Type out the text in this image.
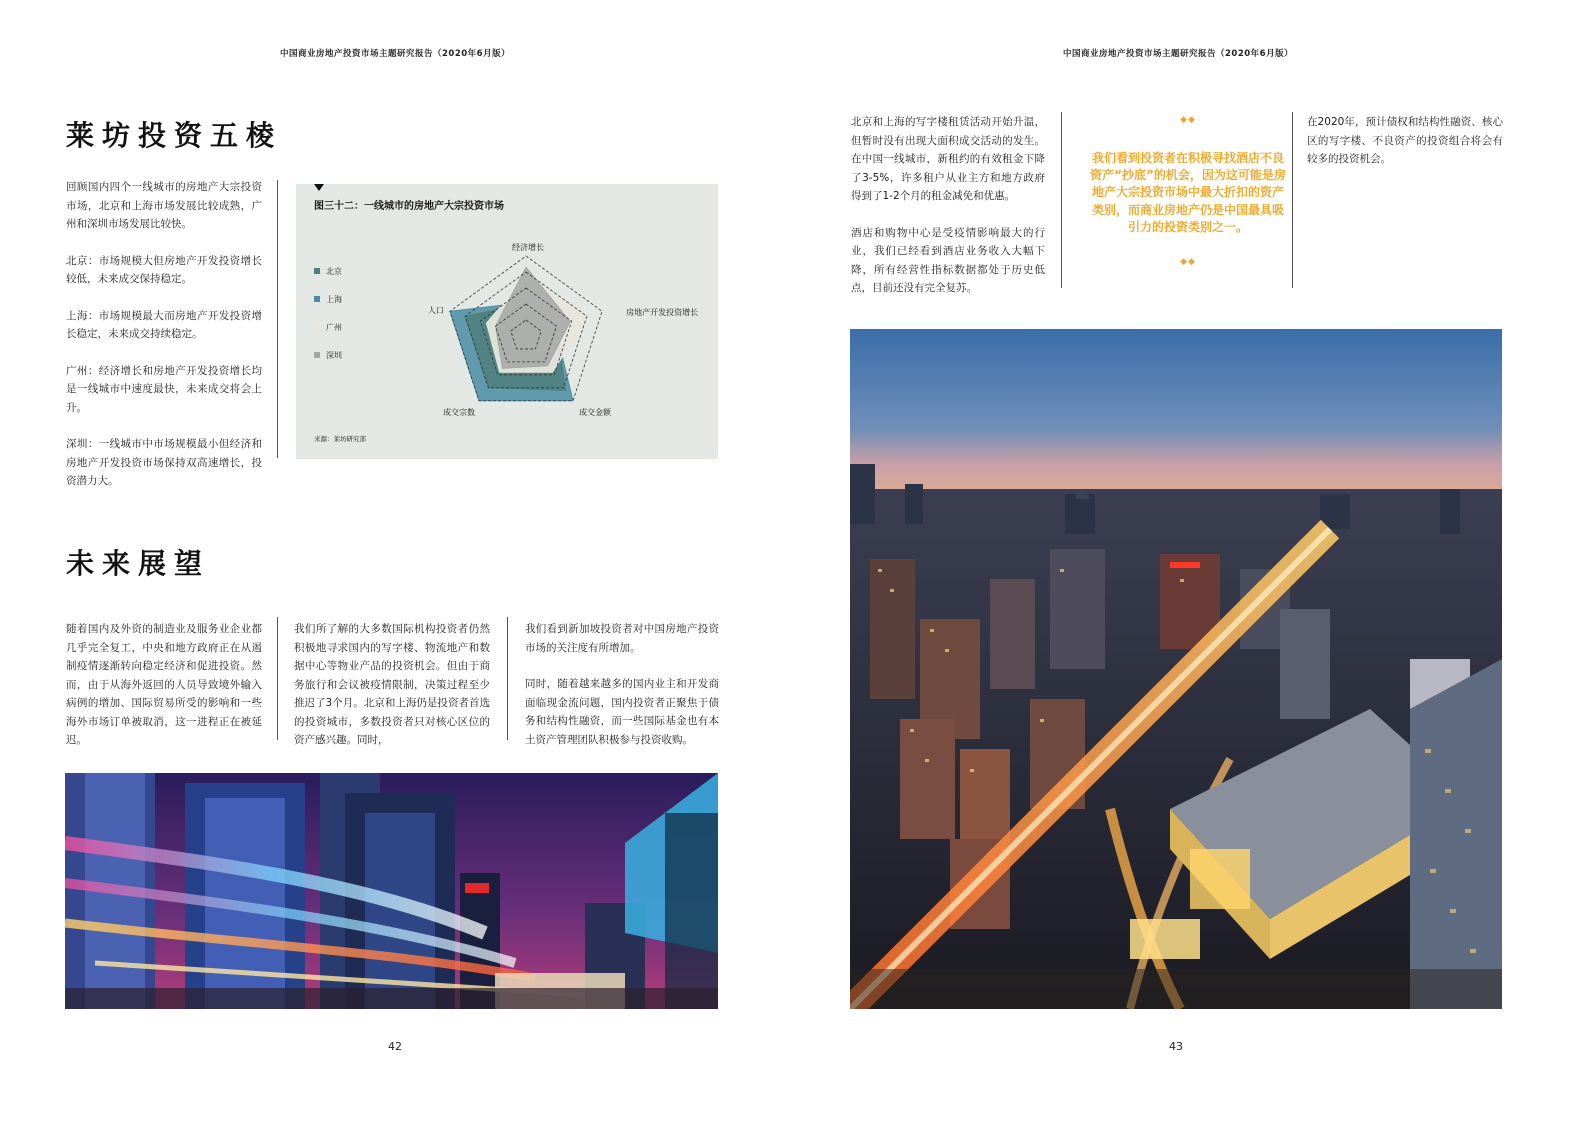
中国商业房地产投资市场主题研究报告（2020年6月版）
莱坊投资五棱

回顾国内四个一线城市的房地产大宗投资市场，北京和上海市场发展比较成熟，广州和深圳市场发展比较快。

北京：市场规模大但房地产开发投资增长较低，未来成交保持稳定。

上海：市场规模最大而房地产开发投资增长稳定，未来成交持续稳定。

广州：经济增长和房地产开发投资增长均是一线城市中速度最快，未来成交将会上升。

深圳：一线城市中市场规模最小但经济和房地产开发投资市场保持双高速增长，投资潜力大。

图三十二：一线城市的房地产大宗投资市场
北京
上海
广州
深圳
经济增长
房地产开发投资增长
成交金额
成交宗数
人口
来源：莱坊研究部
未来展望

随着国内及外资的制造业及服务业企业都几乎完全复工，中央和地方政府正在从遏制疫情逐渐转向稳定经济和促进投资。然而，由于从海外返回的人员导致境外输入病例的增加、国际贸易所受的影响和一些海外市场订单被取消，这一进程正在被延迟。

我们所了解的大多数国际机构投资者仍然积极地寻求国内的写字楼、物流地产和数据中心等物业产品的投资机会。但由于商务旅行和会议被疫情限制，决策过程至少推迟了3个月。北京和上海仍是投资者首选的投资城市，多数投资者只对核心区位的资产感兴趣。同时，

我们看到新加坡投资者对中国房地产投资市场的关注度有所增加。

同时，随着越来越多的国内业主和开发商面临现金流问题，国内投资者正聚焦于债务和结构性融资，而一些国际基金也有本土资产管理团队积极参与投资收购。

42
中国商业房地产投资市场主题研究报告（2020年6月版）

北京和上海的写字楼租赁活动开始升温，但暂时没有出现大面积成交活动的发生。在中国一线城市，新租约的有效租金下降了3-5%，许多租户从业主方和地方政府得到了1-2个月的租金减免和优惠。

酒店和购物中心是受疫情影响最大的行业，我们已经看到酒店业务收入大幅下降，所有经营性指标数据都处于历史低点，目前还没有完全复苏。

◆◆
我们看到投资者在积极寻找酒店不良资产“抄底”的机会，因为这可能是房地产大宗投资市场中最大折扣的资产类别，而商业房地产仍是中国最具吸引力的投资类别之一。
◆◆

在2020年，预计债权和结构性融资、核心区的写字楼、不良资产的投资组合将会有较多的投资机会。

43
